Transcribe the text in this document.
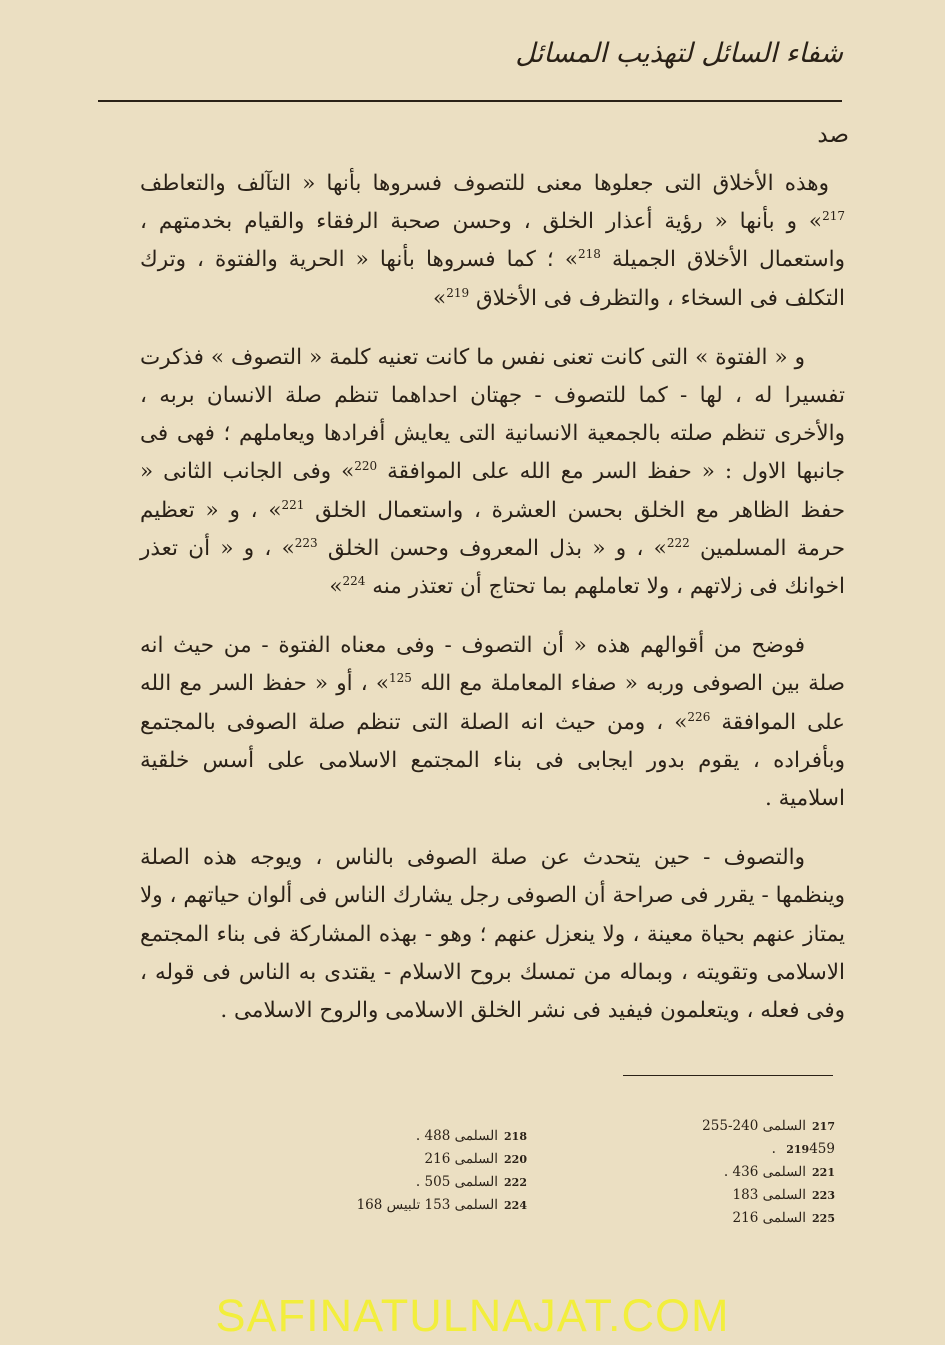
شفاء السائل لتهذيب المسائل
صد

وهذه الأخلاق التى جعلوها معنى للتصوف فسروها بأنها « التآلف والتعاطف $^{217}$» و بأنها « رؤية أعذار الخلق ، وحسن صحبة الرفقاء والقيام بخدمتهم ، واستعمال الأخلاق الجميلة $^{218}$» ؛ كما فسروها بأنها « الحرية والفتوة ، وترك التكلف فى السخاء ، والتظرف فى الأخلاق $^{219}$»

و « الفتوة » التى كانت تعنى نفس ما كانت تعنيه كلمة « التصوف » فذكرت تفسيرا له ، لها - كما للتصوف - جهتان احداهما تنظم صلة الانسان بربه ، والأخرى تنظم صلته بالجمعية الانسانية التى يعايش أفرادها ويعاملهم ؛ فهى فى جانبها الاول : « حفظ السر مع الله على الموافقة $^{220}$» وفى الجانب الثانى « حفظ الظاهر مع الخلق بحسن العشرة ، واستعمال الخلق $^{221}$» ، و « تعظيم حرمة المسلمين $^{222}$» ، و « بذل المعروف وحسن الخلق $^{223}$» ، و « أن تعذر اخوانك فى زلاتهم ، ولا تعاملهم بما تحتاج أن تعتذر منه $^{224}$»

فوضح من أقوالهم هذه « أن التصوف - وفى معناه الفتوة - من حيث انه صلة بين الصوفى وربه « صفاء المعاملة مع الله $^{125}$» ، أو « حفظ السر مع الله على الموافقة $^{226}$» ، ومن حيث انه الصلة التى تنظم صلة الصوفى بالمجتمع وبأفراده ، يقوم بدور ايجابى فى بناء المجتمع الاسلامى على أسس خلقية اسلامية .

والتصوف - حين يتحدث عن صلة الصوفى بالناس ، ويوجه هذه الصلة وينظمها - يقرر فى صراحة أن الصوفى رجل يشارك الناس فى ألوان حياتهم ، ولا يمتاز عنهم بحياة معينة ، ولا ينعزل عنهم ؛ وهو - بهذه المشاركة فى بناء المجتمع الاسلامى وتقويته ، وبماله من تمسك بروح الاسلام - يقتدى به الناس فى قوله ، وفى فعله ، ويتعلمون فيفيد فى نشر الخلق الاسلامى والروح الاسلامى .

217السلمى 240-255
219459 .
221السلمى 436 .
223السلمى 183
225السلمى 216
218السلمى 488 .
220السلمى 216
222السلمى 505 .
224السلمى 153 تلبيس 168
SAFINATULNAJAT.COM
